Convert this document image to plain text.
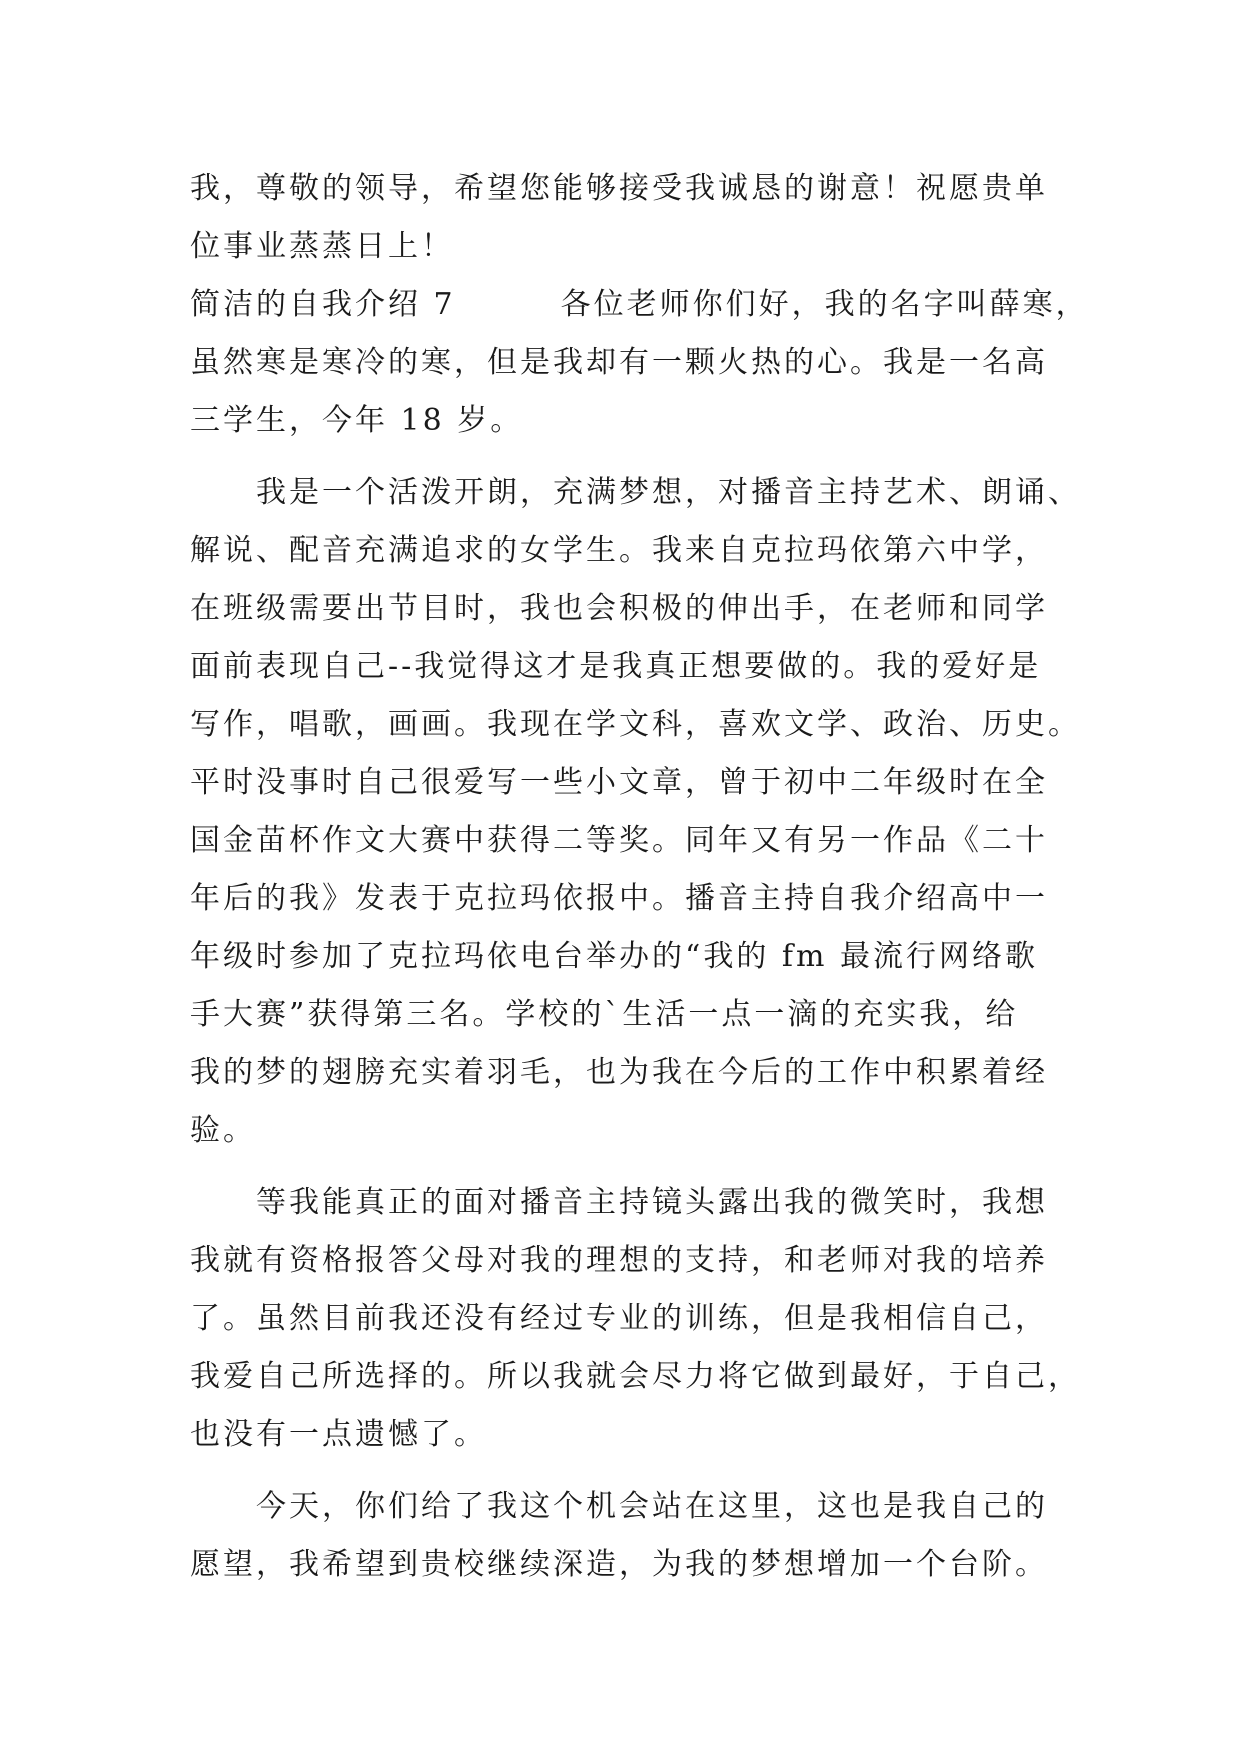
我，尊敬的领导，希望您能够接受我诚恳的谢意！祝愿贵单
位事业蒸蒸日上！
简洁的自我介绍 7	各位老师你们好，我的名字叫薛寒，
虽然寒是寒冷的寒，但是我却有一颗火热的心。我是一名高
三学生，今年 18 岁。
我是一个活泼开朗，充满梦想，对播音主持艺术、朗诵、
解说、配音充满追求的女学生。我来自克拉玛依第六中学，
在班级需要出节目时，我也会积极的伸出手，在老师和同学
面前表现自己--我觉得这才是我真正想要做的。我的爱好是
写作，唱歌，画画。我现在学文科，喜欢文学、政治、历史。
平时没事时自己很爱写一些小文章，曾于初中二年级时在全
国金苗杯作文大赛中获得二等奖。同年又有另一作品《二十
年后的我》发表于克拉玛依报中。播音主持自我介绍高中一
年级时参加了克拉玛依电台举办的“我的 fm 最流行网络歌
手大赛”获得第三名。学校的`生活一点一滴的充实我，给
我的梦的翅膀充实着羽毛，也为我在今后的工作中积累着经
验。
等我能真正的面对播音主持镜头露出我的微笑时，我想
我就有资格报答父母对我的理想的支持，和老师对我的培养
了。虽然目前我还没有经过专业的训练，但是我相信自己，
我爱自己所选择的。所以我就会尽力将它做到最好，于自己，
也没有一点遗憾了。
今天，你们给了我这个机会站在这里，这也是我自己的
愿望，我希望到贵校继续深造，为我的梦想增加一个台阶。
